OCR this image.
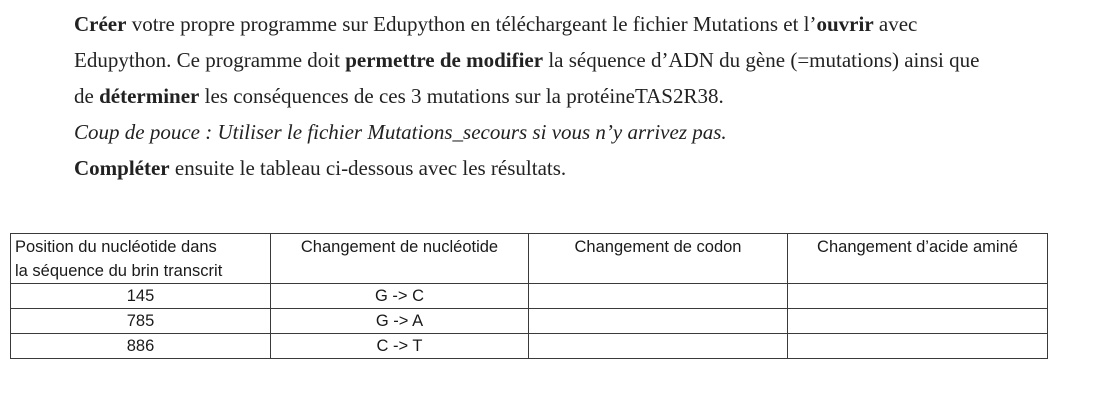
Créer votre propre programme sur Edupython en téléchargeant le fichier Mutations et l’ouvrir avec

Edupython. Ce programme doit permettre de modifier la séquence d’ADN du gène (=mutations) ainsi que

de déterminer les conséquences de ces 3 mutations sur la protéineTAS2R38.

Coup de pouce : Utiliser le fichier Mutations_secours si vous n’y arrivez pas.

Compléter ensuite le tableau ci-dessous avec les résultats.

Position du nucléotide dans
la séquence du brin transcrit	Changement de nucléotide	Changement de codon	Changement d’acide aminé
145	G -> C		
785	G -> A		
886	C -> T		
